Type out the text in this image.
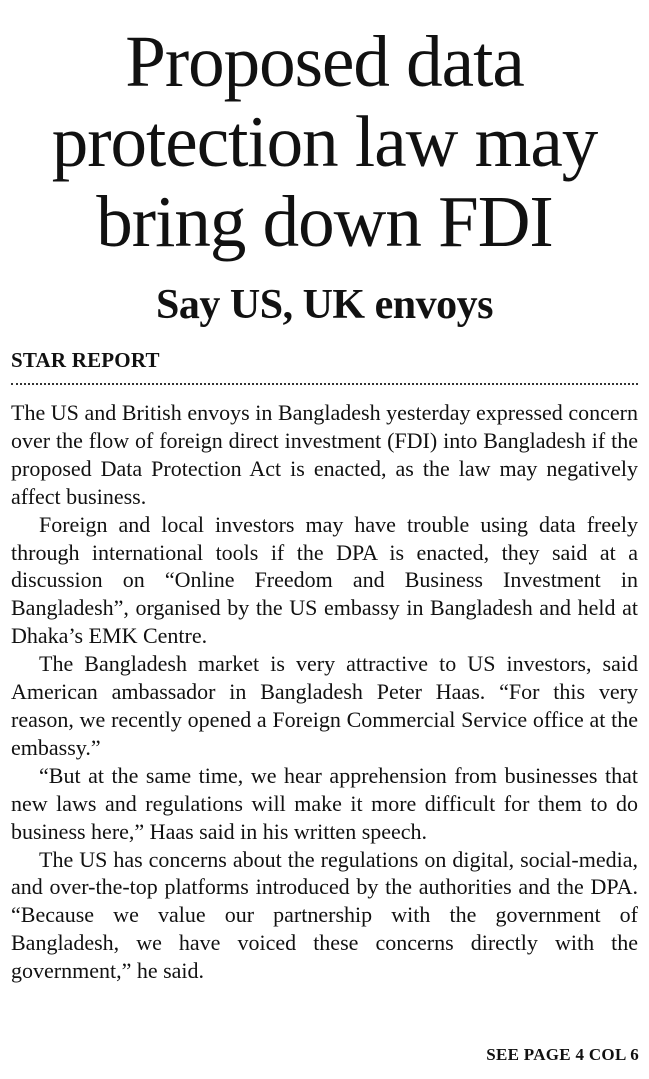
Proposed data
protection law may
bring down FDI
Say US, UK envoys
STAR REPORT

The US and British envoys in Bangladesh yesterday expressed concern over the flow of foreign direct investment (FDI) into Bangladesh if the proposed Data Protection Act is enacted, as the law may negatively affect business.

Foreign and local investors may have trouble using data freely through international tools if the DPA is enacted, they said at a discussion on “Online Freedom and Business Investment in Bangladesh”, organised by the US embassy in Bangladesh and held at Dhaka’s EMK Centre.

The Bangladesh market is very attractive to US investors, said American ambassador in Bangladesh Peter Haas. “For this very reason, we recently opened a Foreign Commercial Service office at the embassy.”

“But at the same time, we hear apprehension from businesses that new laws and regulations will make it more difficult for them to do business here,” Haas said in his written speech.

The US has concerns about the regulations on digital, social-media, and over-the-top platforms introduced by the authorities and the DPA. “Because we value our partnership with the government of Bangladesh, we have voiced these concerns directly with the government,” he said.

SEE PAGE 4 COL 6
